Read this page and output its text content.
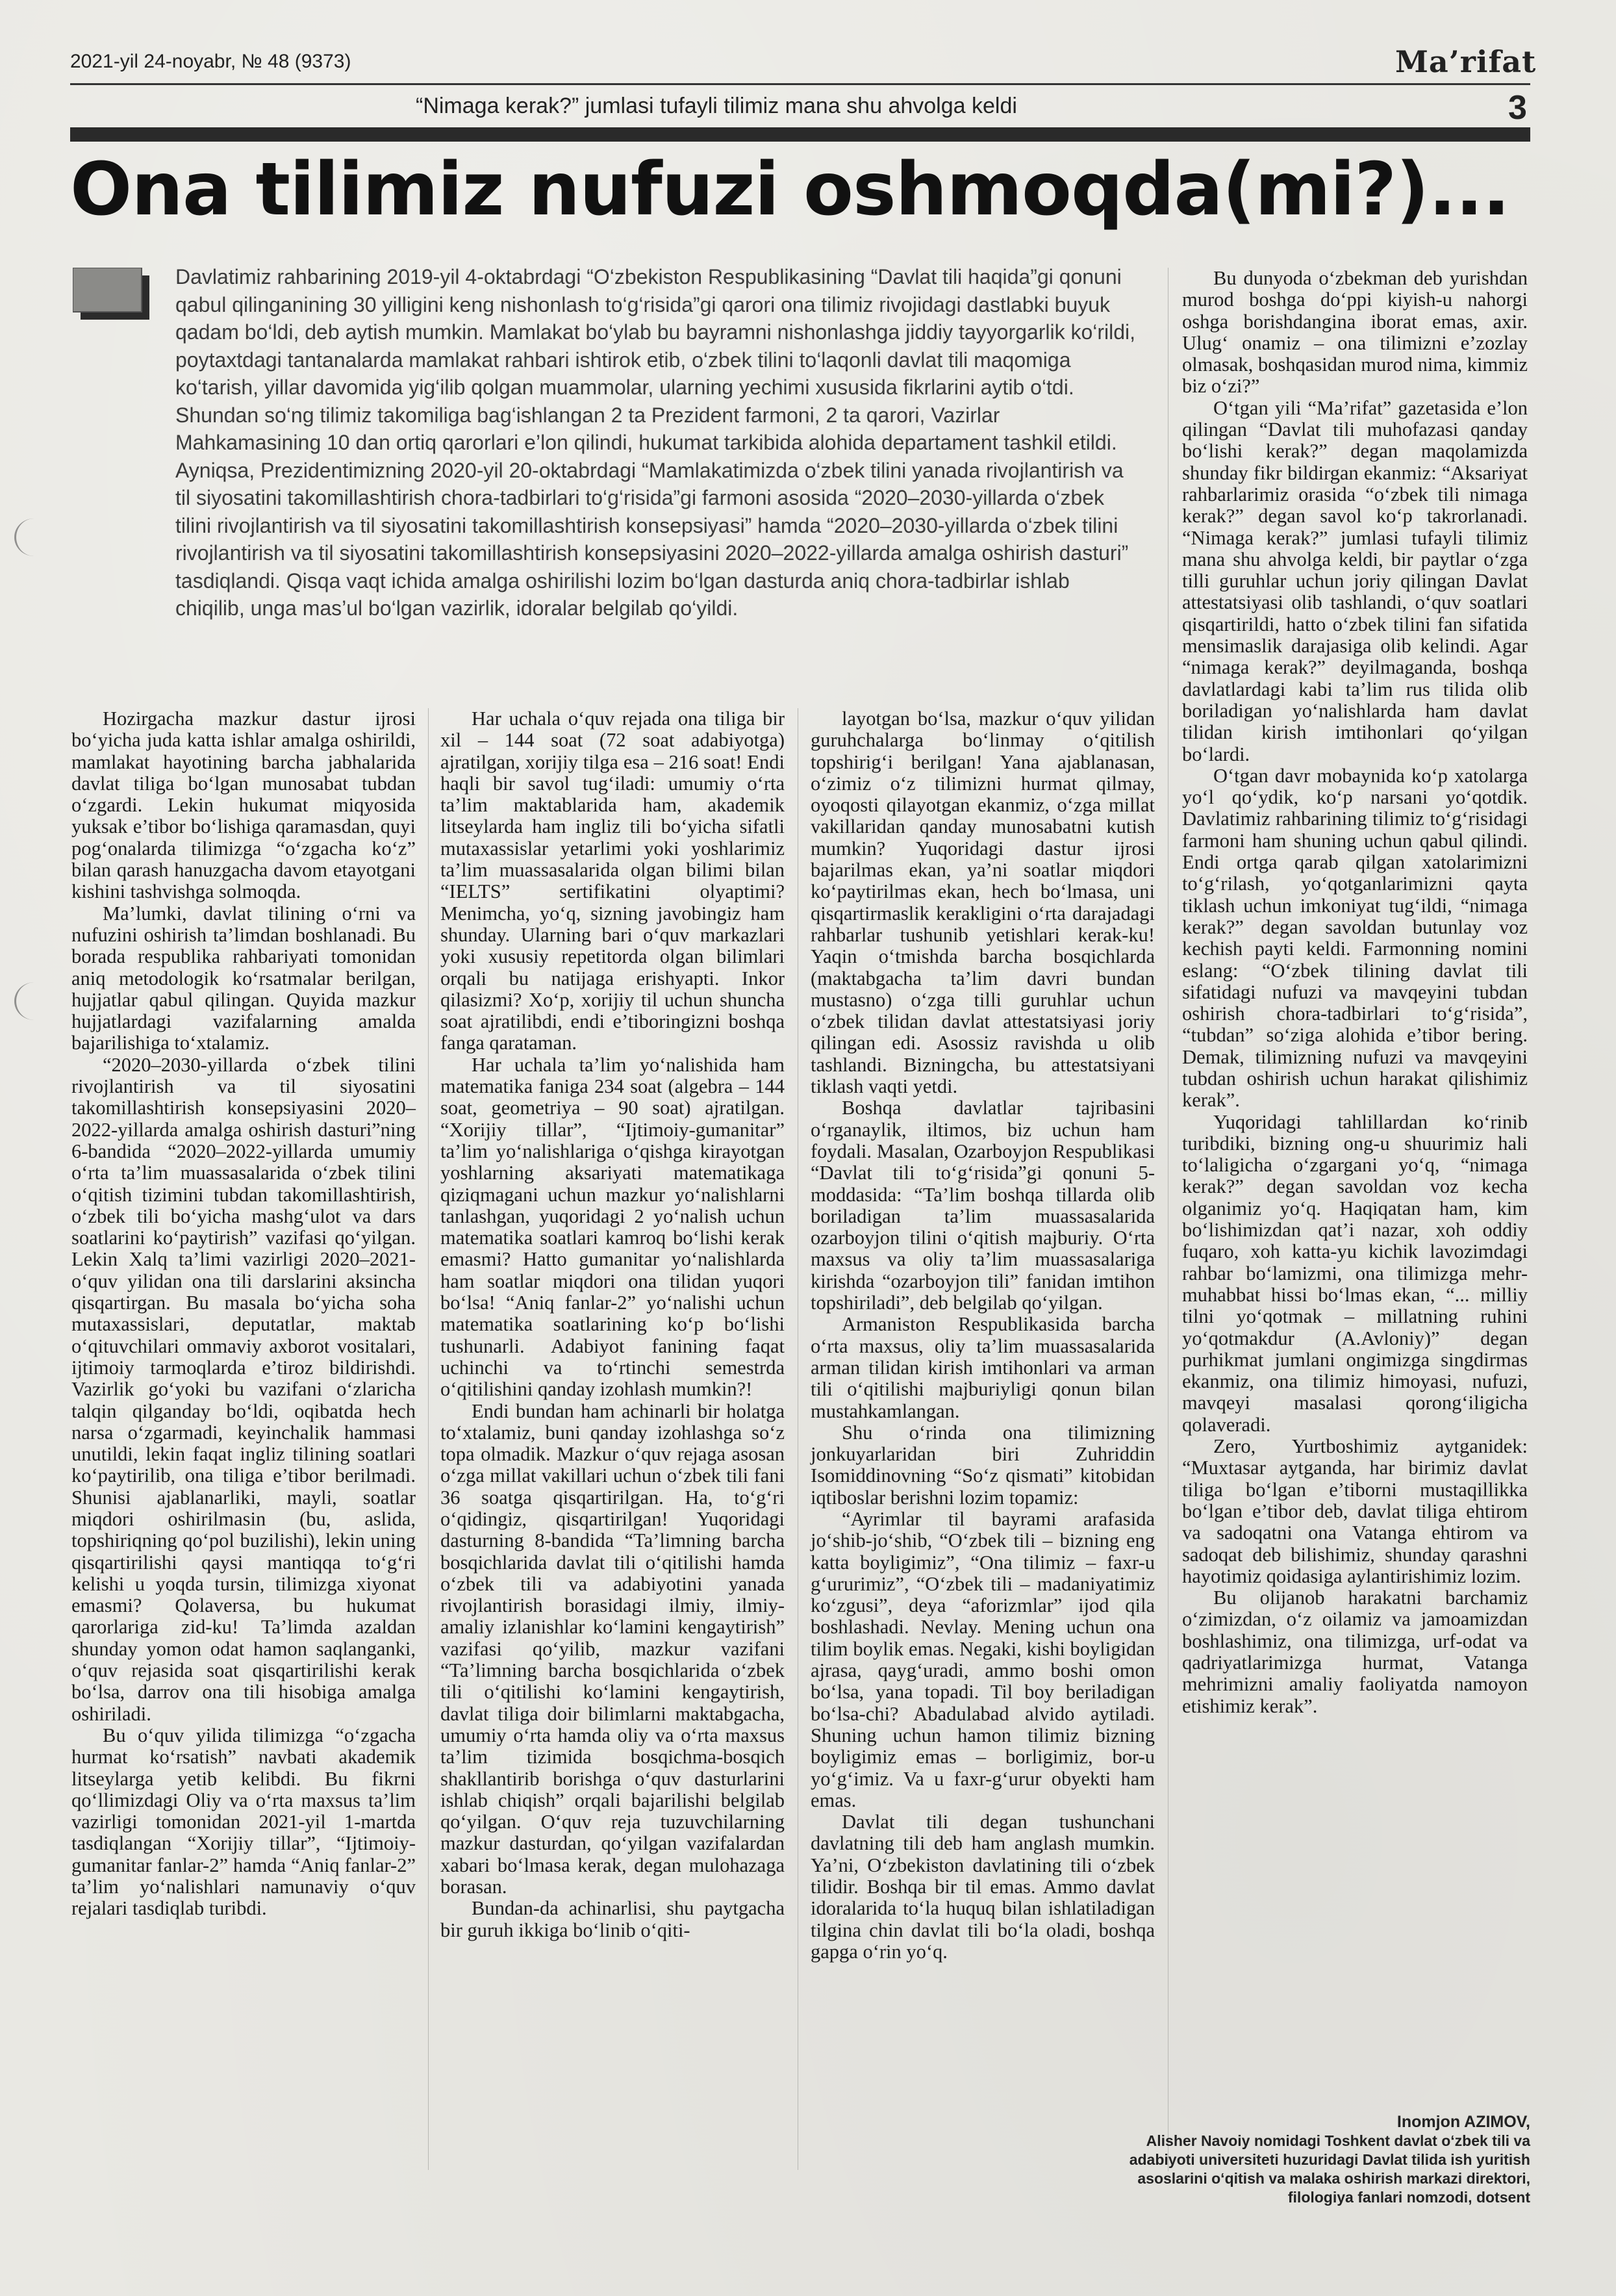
2021-yil 24-noyabr, № 48 (9373)	Ma’rifat
“Nimaga kerak?” jumlasi tufayli tilimiz mana shu ahvolga keldi	3
Ona tilimiz nufuzi oshmoqda(mi?)...

Davlatimiz rahbarining 2019-yil 4-oktabrdagi “O‘zbekiston Respublikasining “Davlat tili haqida”gi qonuni qabul qilinganining 30 yilligini keng nishonlash to‘g‘risida”gi qarori ona tilimiz rivojidagi dastlabki buyuk qadam bo‘ldi, deb aytish mumkin. Mamlakat bo‘ylab bu bayramni nishonlashga jiddiy tayyorgarlik ko‘rildi, poytaxtdagi tantanalarda mamlakat rahbari ishtirok etib, o‘zbek tilini to‘laqonli davlat tili maqomiga ko‘tarish, yillar davomida yig‘ilib qolgan muammolar, ularning yechimi xususida fikrlarini aytib o‘tdi. Shundan so‘ng tilimiz takomiliga bag‘ishlangan 2 ta Prezident farmoni, 2 ta qarori, Vazirlar Mahkamasining 10 dan ortiq qarorlari e’lon qilindi, hukumat tarkibida alohida departament tashkil etildi. Ayniqsa, Prezidentimizning 2020-yil 20-oktabrdagi “Mamlakatimizda o‘zbek tilini yanada rivojlantirish va til siyosatini takomillashtirish chora-tadbirlari to‘g‘risida”gi farmoni asosida “2020–2030-yillarda o‘zbek tilini rivojlantirish va til siyosatini takomillashtirish konsepsiyasi” hamda “2020–2030-yillarda o‘zbek tilini rivojlantirish va til siyosatini takomillashtirish konsepsiyasini 2020–2022-yillarda amalga oshirish dasturi” tasdiqlandi. Qisqa vaqt ichida amalga oshirilishi lozim bo‘lgan dasturda aniq chora-tadbirlar ishlab chiqilib, unga mas’ul bo‘lgan vazirlik, idoralar belgilab qo‘yildi.

Hozirgacha mazkur dastur ijrosi bo‘yicha juda katta ishlar amalga oshirildi, mamlakat hayotining barcha jabhalarida davlat tiliga bo‘lgan munosabat tubdan o‘zgardi. Lekin hukumat miqyosida yuksak e’tibor bo‘lishiga qaramasdan, quyi pog‘onalarda tilimizga “o‘zgacha ko‘z” bilan qarash hanuzgacha davom etayotgani kishini tashvishga solmoqda.

Ma’lumki, davlat tilining o‘rni va nufuzini oshirish ta’limdan boshlanadi. Bu borada respublika rahbariyati tomonidan aniq metodologik ko‘rsatmalar berilgan, hujjatlar qabul qilingan. Quyida mazkur hujjatlardagi vazifalarning amalda bajarilishiga to‘xtalamiz.

“2020–2030-yillarda o‘zbek tilini rivojlantirish va til siyosatini takomillashtirish konsepsiyasini 2020–2022-yillarda amalga oshirish dasturi”ning 6-bandida “2020–2022-yillarda umumiy o‘rta ta’lim muassasalarida o‘zbek tilini o‘qitish tizimini tubdan takomillashtirish, o‘zbek tili bo‘yicha mashg‘ulot va dars soatlarini ko‘paytirish” vazifasi qo‘yilgan. Lekin Xalq ta’limi vazirligi 2020–2021-o‘quv yilidan ona tili darslarini aksincha qisqartirgan. Bu masala bo‘yicha soha mutaxassislari, deputatlar, maktab o‘qituvchilari ommaviy axborot vositalari, ijtimoiy tarmoqlarda e’tiroz bildirishdi. Vazirlik go‘yoki bu vazifani o‘zlaricha talqin qilganday bo‘ldi, oqibatda hech narsa o‘zgarmadi, keyinchalik hammasi unutildi, lekin faqat ingliz tilining soatlari ko‘paytirilib, ona tiliga e’tibor berilmadi. Shunisi ajablanarliki, mayli, soatlar miqdori oshirilmasin (bu, aslida, topshiriqning qo‘pol buzilishi), lekin uning qisqartirilishi qaysi mantiqqa to‘g‘ri kelishi u yoqda tursin, tilimizga xiyonat emasmi? Qolaversa, bu hukumat qarorlariga zid-ku! Ta’limda azaldan shunday yomon odat hamon saqlanganki, o‘quv rejasida soat qisqartirilishi kerak bo‘lsa, darrov ona tili hisobiga amalga oshiriladi.

Bu o‘quv yilida tilimizga “o‘zgacha hurmat ko‘rsatish” navbati akademik litseylarga yetib kelibdi. Bu fikrni qo‘llimizdagi Oliy va o‘rta maxsus ta’lim vazirligi tomonidan 2021-yil 1-martda tasdiqlangan “Xorijiy tillar”, “Ijtimoiy-gumanitar fanlar-2” hamda “Aniq fanlar-2” ta’lim yo‘nalishlari namunaviy o‘quv rejalari tasdiqlab turibdi.

Har uchala o‘quv rejada ona tiliga bir xil – 144 soat (72 soat adabiyotga) ajratilgan, xorijiy tilga esa – 216 soat! Endi haqli bir savol tug‘iladi: umumiy o‘rta ta’lim maktablarida ham, akademik litseylarda ham ingliz tili bo‘yicha sifatli mutaxassislar yetarlimi yoki yoshlarimiz ta’lim muassasalarida olgan bilimi bilan “IELTS” sertifikatini olyaptimi? Menimcha, yo‘q, sizning javobingiz ham shunday. Ularning bari o‘quv markazlari yoki xususiy repetitorda olgan bilimlari orqali bu natijaga erishyapti. Inkor qilasizmi? Xo‘p, xorijiy til uchun shuncha soat ajratilibdi, endi e’tiboringizni boshqa fanga qarataman.

Har uchala ta’lim yo‘nalishida ham matematika faniga 234 soat (algebra – 144 soat, geometriya – 90 soat) ajratilgan. “Xorijiy tillar”, “Ijtimoiy-gumanitar” ta’lim yo‘nalishlariga o‘qishga kirayotgan yoshlarning aksariyati matematikaga qiziqmagani uchun mazkur yo‘nalishlarni tanlashgan, yuqoridagi 2 yo‘nalish uchun matematika soatlari kamroq bo‘lishi kerak emasmi? Hatto gumanitar yo‘nalishlarda ham soatlar miqdori ona tilidan yuqori bo‘lsa! “Aniq fanlar-2” yo‘nalishi uchun matematika soatlarining ko‘p bo‘lishi tushunarli. Adabiyot fanining faqat uchinchi va to‘rtinchi semestrda o‘qitilishini qanday izohlash mumkin?!

Endi bundan ham achinarli bir holatga to‘xtalamiz, buni qanday izohlashga so‘z topa olmadik. Mazkur o‘quv rejaga asosan o‘zga millat vakillari uchun o‘zbek tili fani 36 soatga qisqartirilgan. Ha, to‘g‘ri o‘qidingiz, qisqartirilgan! Yuqoridagi dasturning 8-bandida “Ta’limning barcha bosqichlarida davlat tili o‘qitilishi hamda o‘zbek tili va adabiyotini yanada rivojlantirish borasidagi ilmiy, ilmiy-amaliy izlanishlar ko‘lamini kengaytirish” vazifasi qo‘yilib, mazkur vazifani “Ta’limning barcha bosqichlarida o‘zbek tili o‘qitilishi ko‘lamini kengaytirish, davlat tiliga doir bilimlarni maktabgacha, umumiy o‘rta hamda oliy va o‘rta maxsus ta’lim tizimida bosqichma-bosqich shakllantirib borishga o‘quv dasturlarini ishlab chiqish” orqali bajarilishi belgilab qo‘yilgan. O‘quv reja tuzuvchilarning mazkur dasturdan, qo‘yilgan vazifalardan xabari bo‘lmasa kerak, degan mulohazaga borasan.

Bundan-da achinarlisi, shu paytgacha bir guruh ikkiga bo‘linib o‘qiti-

layotgan bo‘lsa, mazkur o‘quv yilidan guruhchalarga bo‘linmay o‘qitilish topshirig‘i berilgan! Yana ajablanasan, o‘zimiz o‘z tilimizni hurmat qilmay, oyoqosti qilayotgan ekanmiz, o‘zga millat vakillaridan qanday munosabatni kutish mumkin? Yuqoridagi dastur ijrosi bajarilmas ekan, ya’ni soatlar miqdori ko‘paytirilmas ekan, hech bo‘lmasa, uni qisqartirmaslik kerakligini o‘rta darajadagi rahbarlar tushunib yetishlari kerak-ku! Yaqin o‘tmishda barcha bosqichlarda (maktabgacha ta’lim davri bundan mustasno) o‘zga tilli guruhlar uchun o‘zbek tilidan davlat attestatsiyasi joriy qilingan edi. Asossiz ravishda u olib tashlandi. Bizningcha, bu attestatsiyani tiklash vaqti yetdi.

Boshqa davlatlar tajribasini o‘rganaylik, iltimos, biz uchun ham foydali. Masalan, Ozarboyjon Respublikasi “Davlat tili to‘g‘risida”gi qonuni 5-moddasida: “Ta’lim boshqa tillarda olib boriladigan ta’lim muassasalarida ozarboyjon tilini o‘qitish majburiy. O‘rta maxsus va oliy ta’lim muassasalariga kirishda “ozarboyjon tili” fanidan imtihon topshiriladi”, deb belgilab qo‘yilgan.

Armaniston Respublikasida barcha o‘rta maxsus, oliy ta’lim muassasalarida arman tilidan kirish imtihonlari va arman tili o‘qitilishi majburiyligi qonun bilan mustahkamlangan.

Shu o‘rinda ona tilimizning jonkuyarlaridan biri Zuhriddin Isomiddinovning “So‘z qismati” kitobidan iqtiboslar berishni lozim topamiz:

“Ayrimlar til bayrami arafasida jo‘shib-jo‘shib, “O‘zbek tili – bizning eng katta boyligimiz”, “Ona tilimiz – faxr-u g‘ururimiz”, “O‘zbek tili – madaniyatimiz ko‘zgusi”, deya “aforizmlar” ijod qila boshlashadi. Nevlay. Mening uchun ona tilim boylik emas. Negaki, kishi boyligidan ajrasa, qayg‘uradi, ammo boshi omon bo‘lsa, yana topadi. Til boy beriladigan bo‘lsa-chi? Abadulabad alvido aytiladi. Shuning uchun hamon tilimiz bizning boyligimiz emas – borligimiz, bor-u yo‘g‘imiz. Va u faxr-g‘urur obyekti ham emas.

Davlat tili degan tushunchani davlatning tili deb ham anglash mumkin. Ya’ni, O‘zbekiston davlatining tili o‘zbek tilidir. Boshqa bir til emas. Ammo davlat idoralarida to‘la huquq bilan ishlatiladigan tilgina chin davlat tili bo‘la oladi, boshqa gapga o‘rin yo‘q.

Bu dunyoda o‘zbekman deb yurishdan murod boshga do‘ppi kiyish-u nahorgi oshga borishdangina iborat emas, axir. Ulug‘ onamiz – ona tilimizni e’zozlay olmasak, boshqasidan murod nima, kimmiz biz o‘zi?”

O‘tgan yili “Ma’rifat” gazetasida e’lon qilingan “Davlat tili muhofazasi qanday bo‘lishi kerak?” degan maqolamizda shunday fikr bildirgan ekanmiz: “Aksariyat rahbarlarimiz orasida “o‘zbek tili nimaga kerak?” degan savol ko‘p takrorlanadi. “Nimaga kerak?” jumlasi tufayli tilimiz mana shu ahvolga keldi, bir paytlar o‘zga tilli guruhlar uchun joriy qilingan Davlat attestatsiyasi olib tashlandi, o‘quv soatlari qisqartirildi, hatto o‘zbek tilini fan sifatida mensimaslik darajasiga olib kelindi. Agar “nimaga kerak?” deyilmaganda, boshqa davlatlardagi kabi ta’lim rus tilida olib boriladigan yo‘nalishlarda ham davlat tilidan kirish imtihonlari qo‘yilgan bo‘lardi.

O‘tgan davr mobaynida ko‘p xatolarga yo‘l qo‘ydik, ko‘p narsani yo‘qotdik. Davlatimiz rahbarining tilimiz to‘g‘risidagi farmoni ham shuning uchun qabul qilindi. Endi ortga qarab qilgan xatolarimizni to‘g‘rilash, yo‘qotganlarimizni qayta tiklash uchun imkoniyat tug‘ildi, “nimaga kerak?” degan savoldan butunlay voz kechish payti keldi. Farmonning nomini eslang: “O‘zbek tilining davlat tili sifatidagi nufuzi va mavqeyini tubdan oshirish chora-tadbirlari to‘g‘risida”, “tubdan” so‘ziga alohida e’tibor bering. Demak, tilimizning nufuzi va mavqeyini tubdan oshirish uchun harakat qilishimiz kerak”.

Yuqoridagi tahlillardan ko‘rinib turibdiki, bizning ong-u shuurimiz hali to‘laligicha o‘zgargani yo‘q, “nimaga kerak?” degan savoldan voz kecha olganimiz yo‘q. Haqiqatan ham, kim bo‘lishimizdan qat’i nazar, xoh oddiy fuqaro, xoh katta-yu kichik lavozimdagi rahbar bo‘lamizmi, ona tilimizga mehr-muhabbat hissi bo‘lmas ekan, “... milliy tilni yo‘qotmak – millatning ruhini yo‘qotmakdur (A.Avloniy)” degan purhikmat jumlani ongimizga singdirmas ekanmiz, ona tilimiz himoyasi, nufuzi, mavqeyi masalasi qorong‘iligicha qolaveradi.

Zero, Yurtboshimiz aytganidek: “Muxtasar aytganda, har birimiz davlat tiliga bo‘lgan e’tiborni mustaqillikka bo‘lgan e’tibor deb, davlat tiliga ehtirom va sadoqatni ona Vatanga ehtirom va sadoqat deb bilishimiz, shunday qarashni hayotimiz qoidasiga aylantirishimiz lozim.

Bu olijanob harakatni barchamiz o‘zimizdan, o‘z oilamiz va jamoamizdan boshlashimiz, ona tilimizga, urf-odat va qadriyatlarimizga hurmat, Vatanga mehrimizni amaliy faoliyatda namoyon etishimiz kerak”.

Inomjon AZIMOV,
Alisher Navoiy nomidagi Toshkent davlat o‘zbek tili va adabiyoti universiteti huzuridagi Davlat tilida ish yuritish asoslarini o‘qitish va malaka oshirish markazi direktori, filologiya fanlari nomzodi, dotsent
